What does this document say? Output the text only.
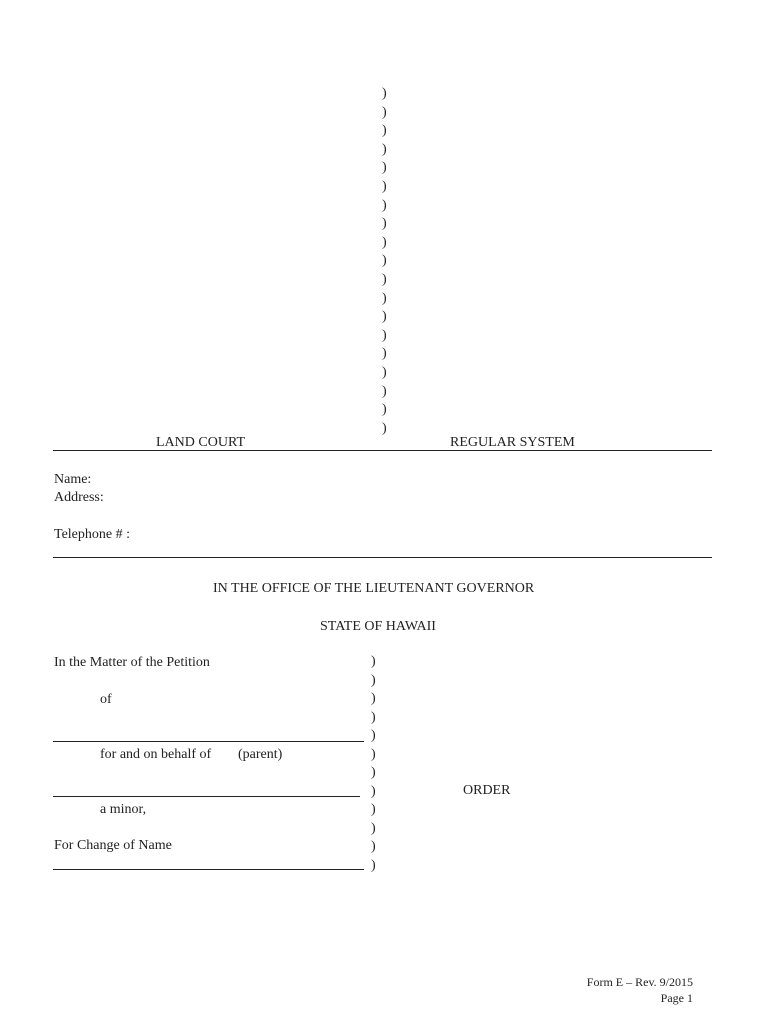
)
)
)
)
)
)
)
)
)
)
)
)
)
)
)
)
)
)
)
LAND COURT	REGULAR SYSTEM
Name:
Address:
Telephone # :
IN THE OFFICE OF THE LIEUTENANT GOVERNOR
STATE OF HAWAII
In the Matter of the Petition
of
for and on behalf of (parent)
a minor,
For Change of Name
)
)
)
)
)
)
)
)
)
)
)
)
ORDER
Form E – Rev. 9/2015
Page 1
